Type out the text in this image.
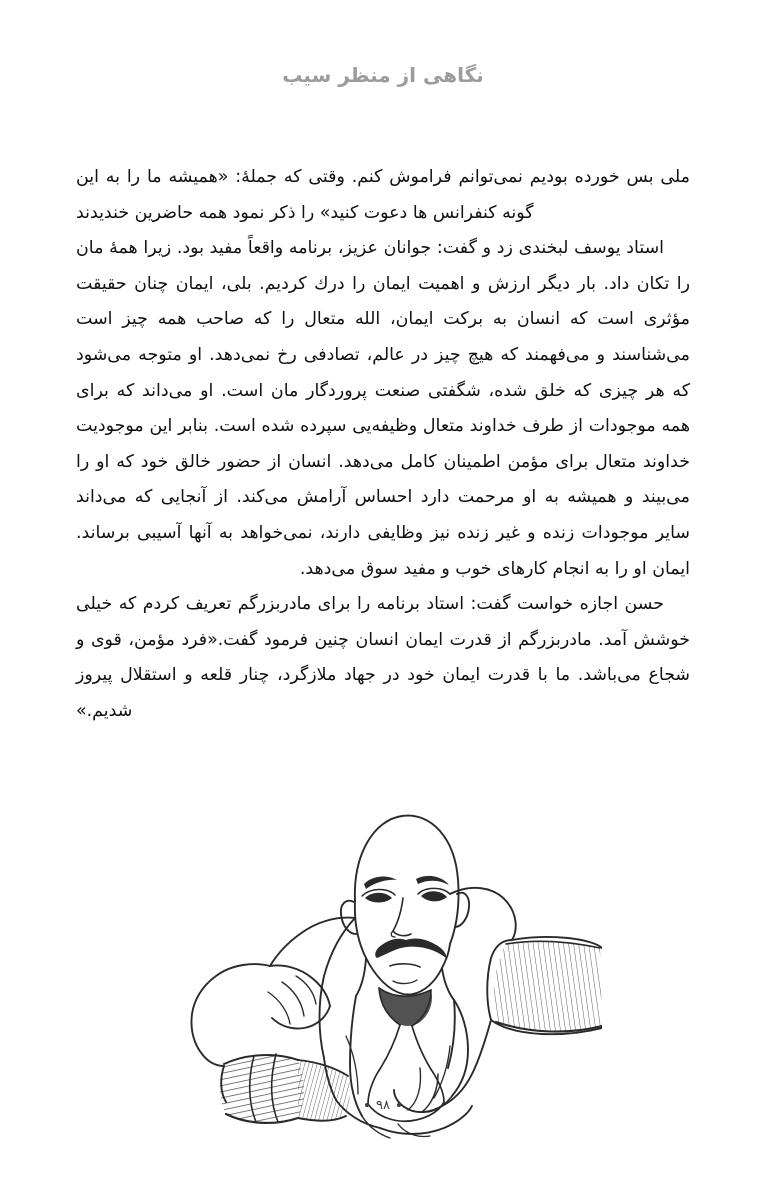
نگاهی از منظر سیب

ملی بس خورده بودیم نمی‌توانم فراموش کنم. وقتی که جملهٔ: «همیشه ما را به این گونه کنفرانس ها دعوت کنید» را ذکر نمود همه حاضرین خندیدند

استاد یوسف لبخندی زد و گفت: جوانان عزیز، برنامه واقعاً مفید بود. زیرا همهٔ مان را تکان داد. بار دیگر ارزش و اهمیت ایمان را درك کردیم. بلی، ایمان چنان حقیقت مؤثری است که انسان به برکت ایمان، الله متعال را که صاحب همه چیز است می‌شناسند و می‌فهمند که هیچ چیز در عالم، تصادفی رخ نمی‌دهد. او متوجه می‌شود که هر چیزی که خلق شده، شگفتی صنعت پروردگار مان است. او می‌داند که برای همه موجودات از طرف خداوند متعال وظیفه‌یی سپرده شده است. بنابر این موجودیت خداوند متعال برای مؤمن اطمینان کامل می‌دهد. انسان از حضور خالق خود که او را می‌بیند و همیشه به او مرحمت دارد احساس آرامش می‌کند. از آنجایی که می‌داند سایر موجودات زنده و غیر زنده نیز وظایفی دارند، نمی‌خواهد به آنها آسیبی برساند. ایمان او را به انجام کارهای خوب و مفید سوق می‌دهد.

حسن اجازه خواست گفت: استاد برنامه را برای مادربزرگم تعریف کردم که خیلی خوشش آمد. مادربزرگم از قدرت ایمان انسان چنین فرمود گفت.«فرد مؤمن، قوی و شجاع می‌باشد. ما با قدرت ایمان خود در جهاد ملازگرد، چنار قلعه و استقلال پیروز شدیم.»

۹۸
